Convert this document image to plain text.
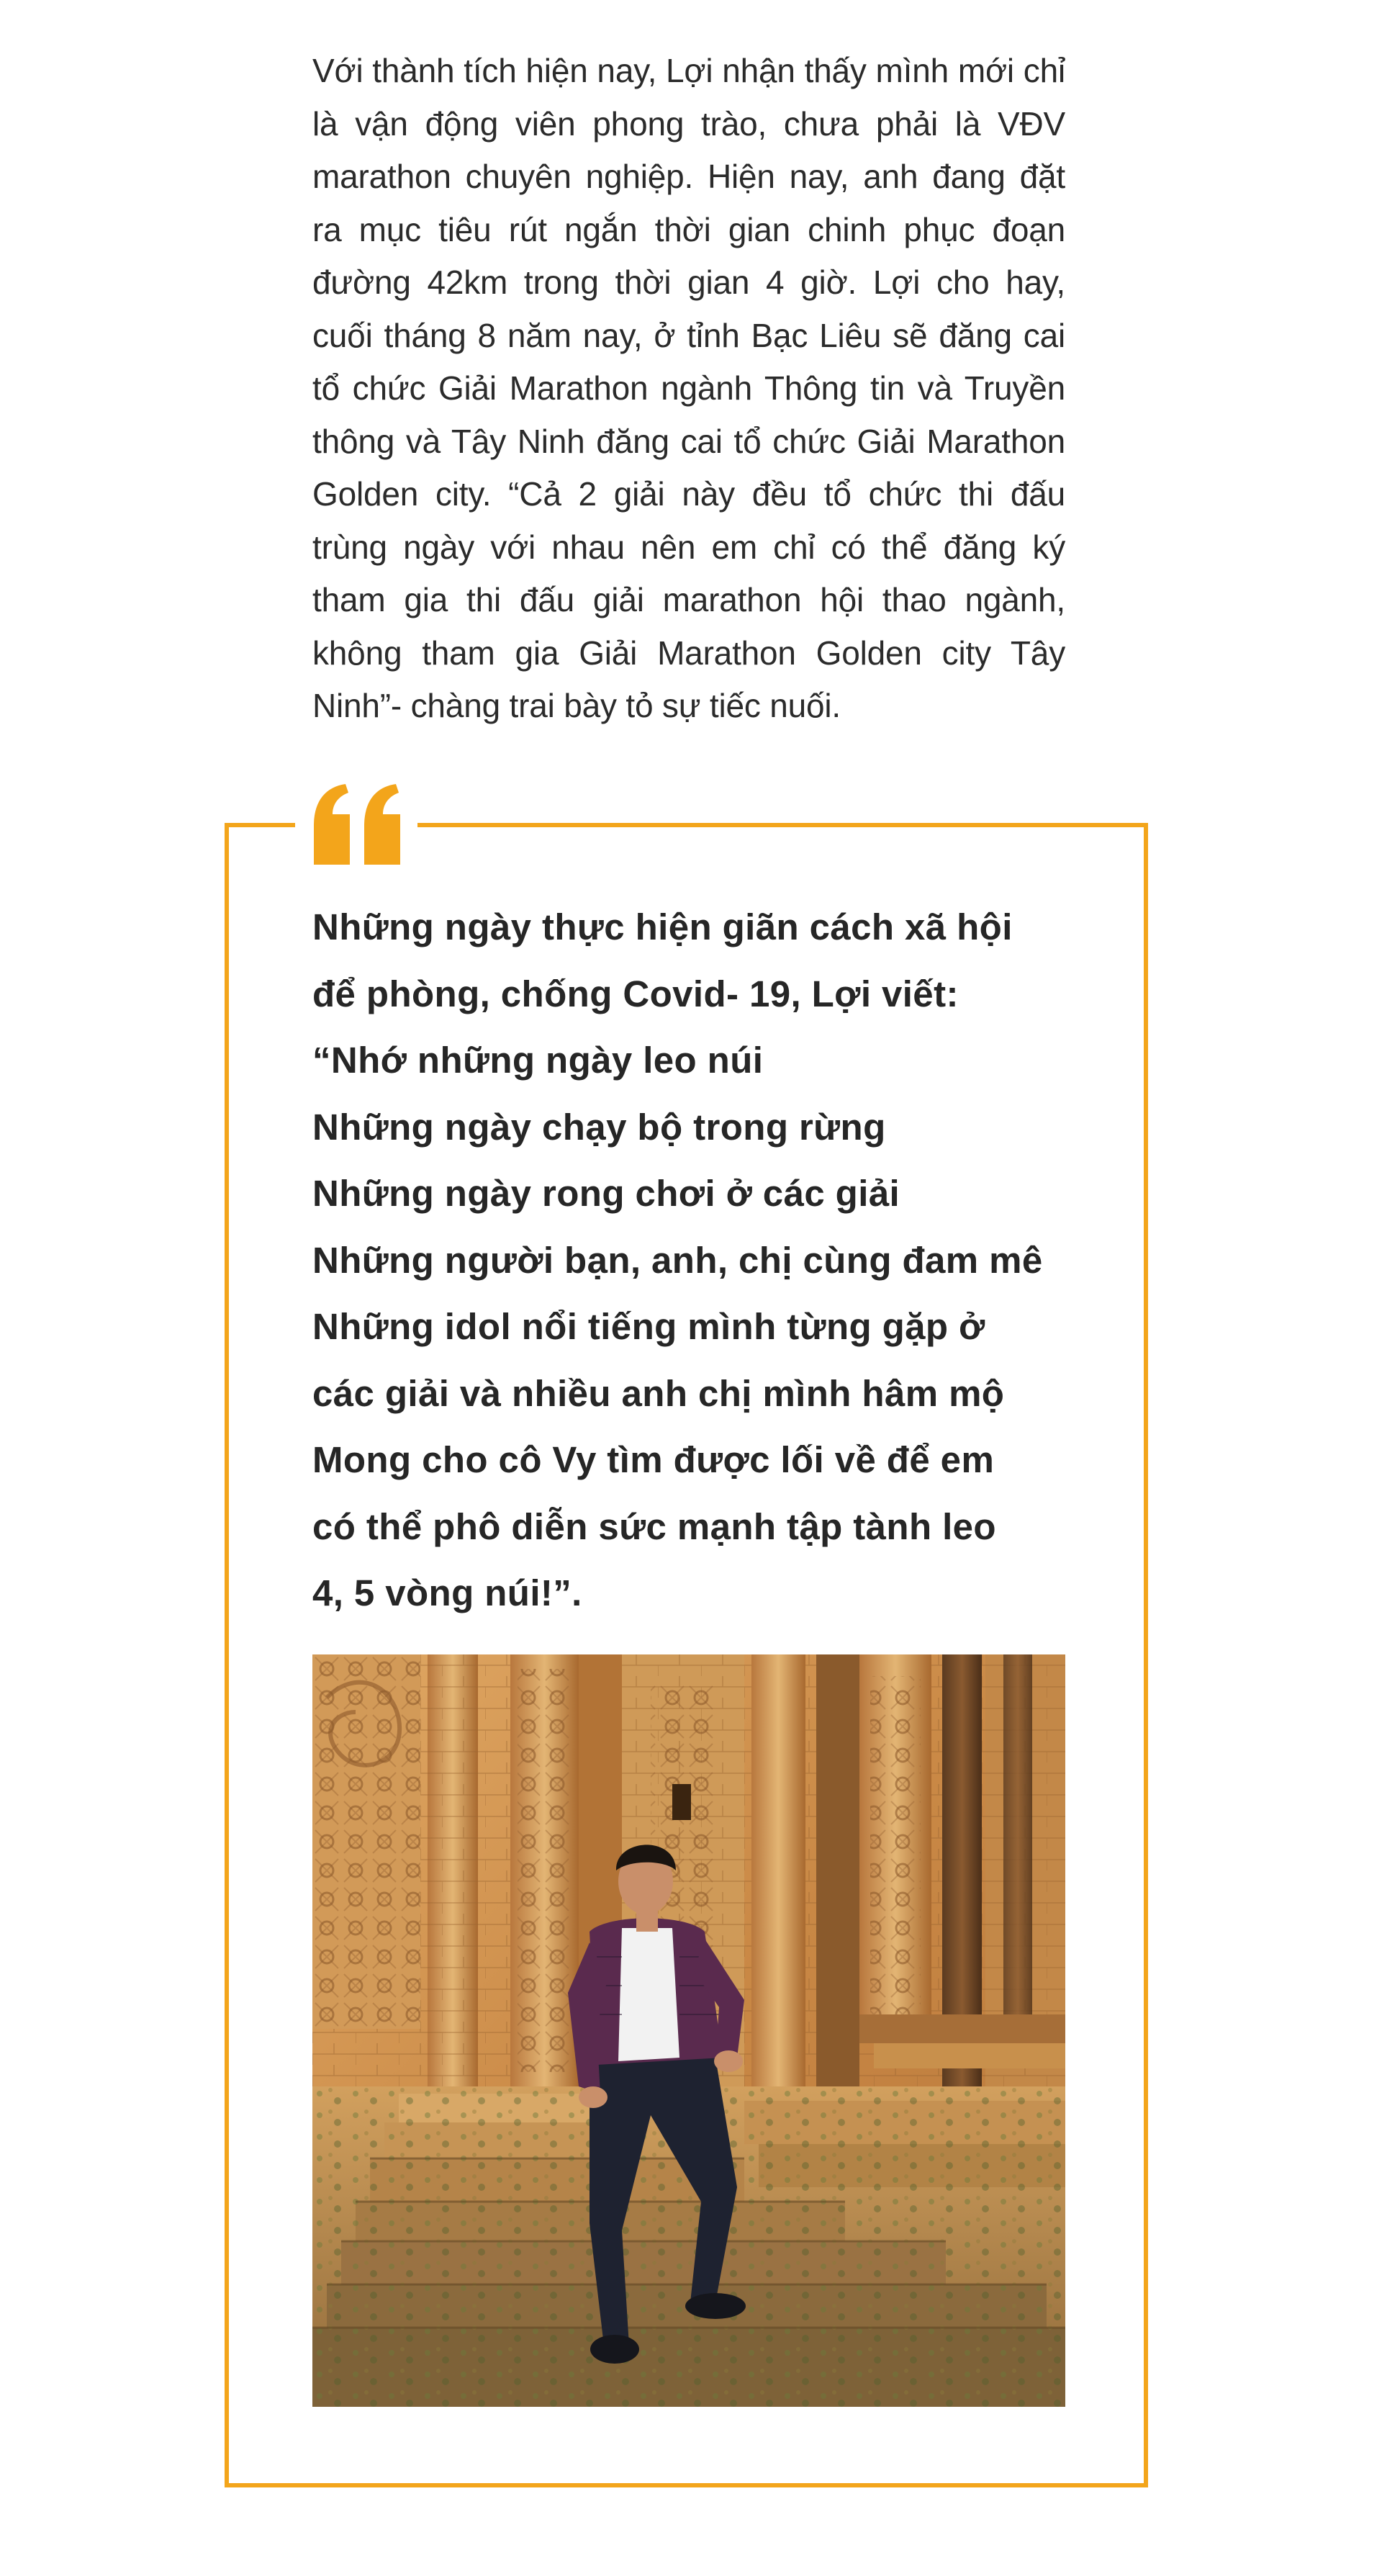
Với thành tích hiện nay, Lợi nhận thấy mình mới chỉ là vận động viên phong trào, chưa phải là VĐV marathon chuyên nghiệp. Hiện nay, anh đang đặt ra mục tiêu rút ngắn thời gian chinh phục đoạn đường 42km trong thời gian 4 giờ. Lợi cho hay, cuối tháng 8 năm nay, ở tỉnh Bạc Liêu sẽ đăng cai tổ chức Giải Marathon ngành Thông tin và Truyền thông và Tây Ninh đăng cai tổ chức Giải Marathon Golden city. “Cả 2 giải này đều tổ chức thi đấu trùng ngày với nhau nên em chỉ có thể đăng ký tham gia thi đấu giải marathon hội thao ngành, không tham gia Giải Marathon Golden city Tây Ninh”- chàng trai bày tỏ sự tiếc nuối.

Những ngày thực hiện giãn cách xã hội
để phòng, chống Covid- 19, Lợi viết:
“Nhớ những ngày leo núi
Những ngày chạy bộ trong rừng
Những ngày rong chơi ở các giải
Những người bạn, anh, chị cùng đam mê
Những idol nổi tiếng mình từng gặp ở
các giải và nhiều anh chị mình hâm mộ
Mong cho cô Vy tìm được lối về để em
có thể phô diễn sức mạnh tập tành leo
4, 5 vòng núi!”.
